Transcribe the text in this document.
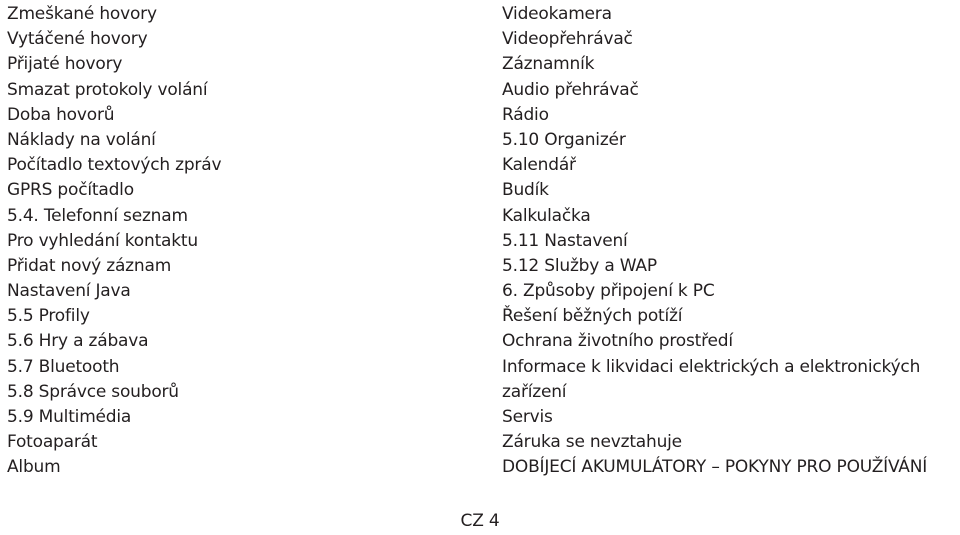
Zmeškané hovory
Vytáčené hovory
Přijaté hovory
Smazat protokoly volání
Doba hovorů
Náklady na volání
Počítadlo textových zpráv
GPRS počítadlo
5.4. Telefonní seznam
Pro vyhledání kontaktu
Přidat nový záznam
Nastavení Java
5.5 Profily
5.6 Hry a zábava
5.7 Bluetooth
5.8 Správce souborů
5.9 Multimédia
Fotoaparát
Album
Videokamera
Videopřehrávač
Záznamník
Audio přehrávač
Rádio
5.10 Organizér
Kalendář
Budík
Kalkulačka
5.11 Nastavení
5.12 Služby a WAP
6. Způsoby připojení k PC
Řešení běžných potíží
Ochrana životního prostředí
Informace k likvidaci elektrických a elektronických
zařízení
Servis
Záruka se nevztahuje
DOBÍJECÍ AKUMULÁTORY – POKYNY PRO POUŽÍVÁNÍ
CZ 4
